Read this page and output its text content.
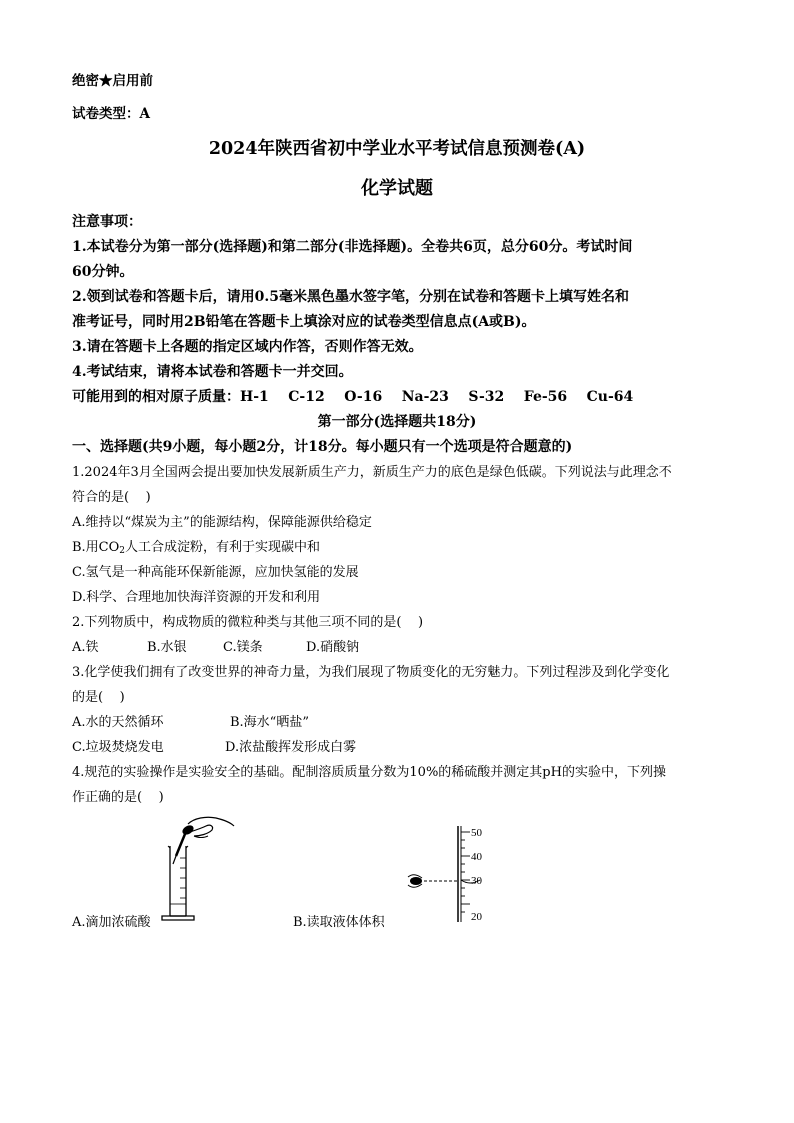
绝密★启用前
试卷类型：A
2024年陕西省初中学业水平考试信息预测卷(A)
化学试题
注意事项：
1.本试卷分为第一部分(选择题)和第二部分(非选择题)。全卷共6页，总分60分。考试时间
60分钟。
2.领到试卷和答题卡后，请用0.5毫米黑色墨水签字笔，分别在试卷和答题卡上填写姓名和
准考证号，同时用2B铅笔在答题卡上填涂对应的试卷类型信息点(A或B)。
3.请在答题卡上各题的指定区域内作答，否则作答无效。
4.考试结束，请将本试卷和答题卡一并交回。
可能用到的相对原子质量：H-1    C-12    O-16    Na-23    S-32    Fe-56    Cu-64
第一部分(选择题共18分)
一、选择题(共9小题，每小题2分，计18分。每小题只有一个选项是符合题意的)
1.2024年3月全国两会提出要加快发展新质生产力，新质生产力的底色是绿色低碳。下列说法与此理念不
符合的是(    )
A.维持以“煤炭为主”的能源结构，保障能源供给稳定
B.用$CO_2$人工合成淀粉，有利于实现碳中和
C.氢气是一种高能环保新能源，应加快氢能的发展
D.科学、合理地加快海洋资源的开发和利用
2.下列物质中，构成物质的微粒种类与其他三项不同的是(    )
A.铁	B.水银	C.镁条	D.硝酸钠
3.化学使我们拥有了改变世界的神奇力量，为我们展现了物质变化的无穷魅力。下列过程涉及到化学变化
的是(    )
A.水的天然循环	B.海水“晒盐”
C.垃圾焚烧发电	D.浓盐酸挥发形成白雾
4.规范的实验操作是实验安全的基础。配制溶质质量分数为10%的稀硫酸并测定其pH的实验中，下列操
作正确的是(    )
A.滴加浓硫酸
50
40
30
20
B.读取液体体积
